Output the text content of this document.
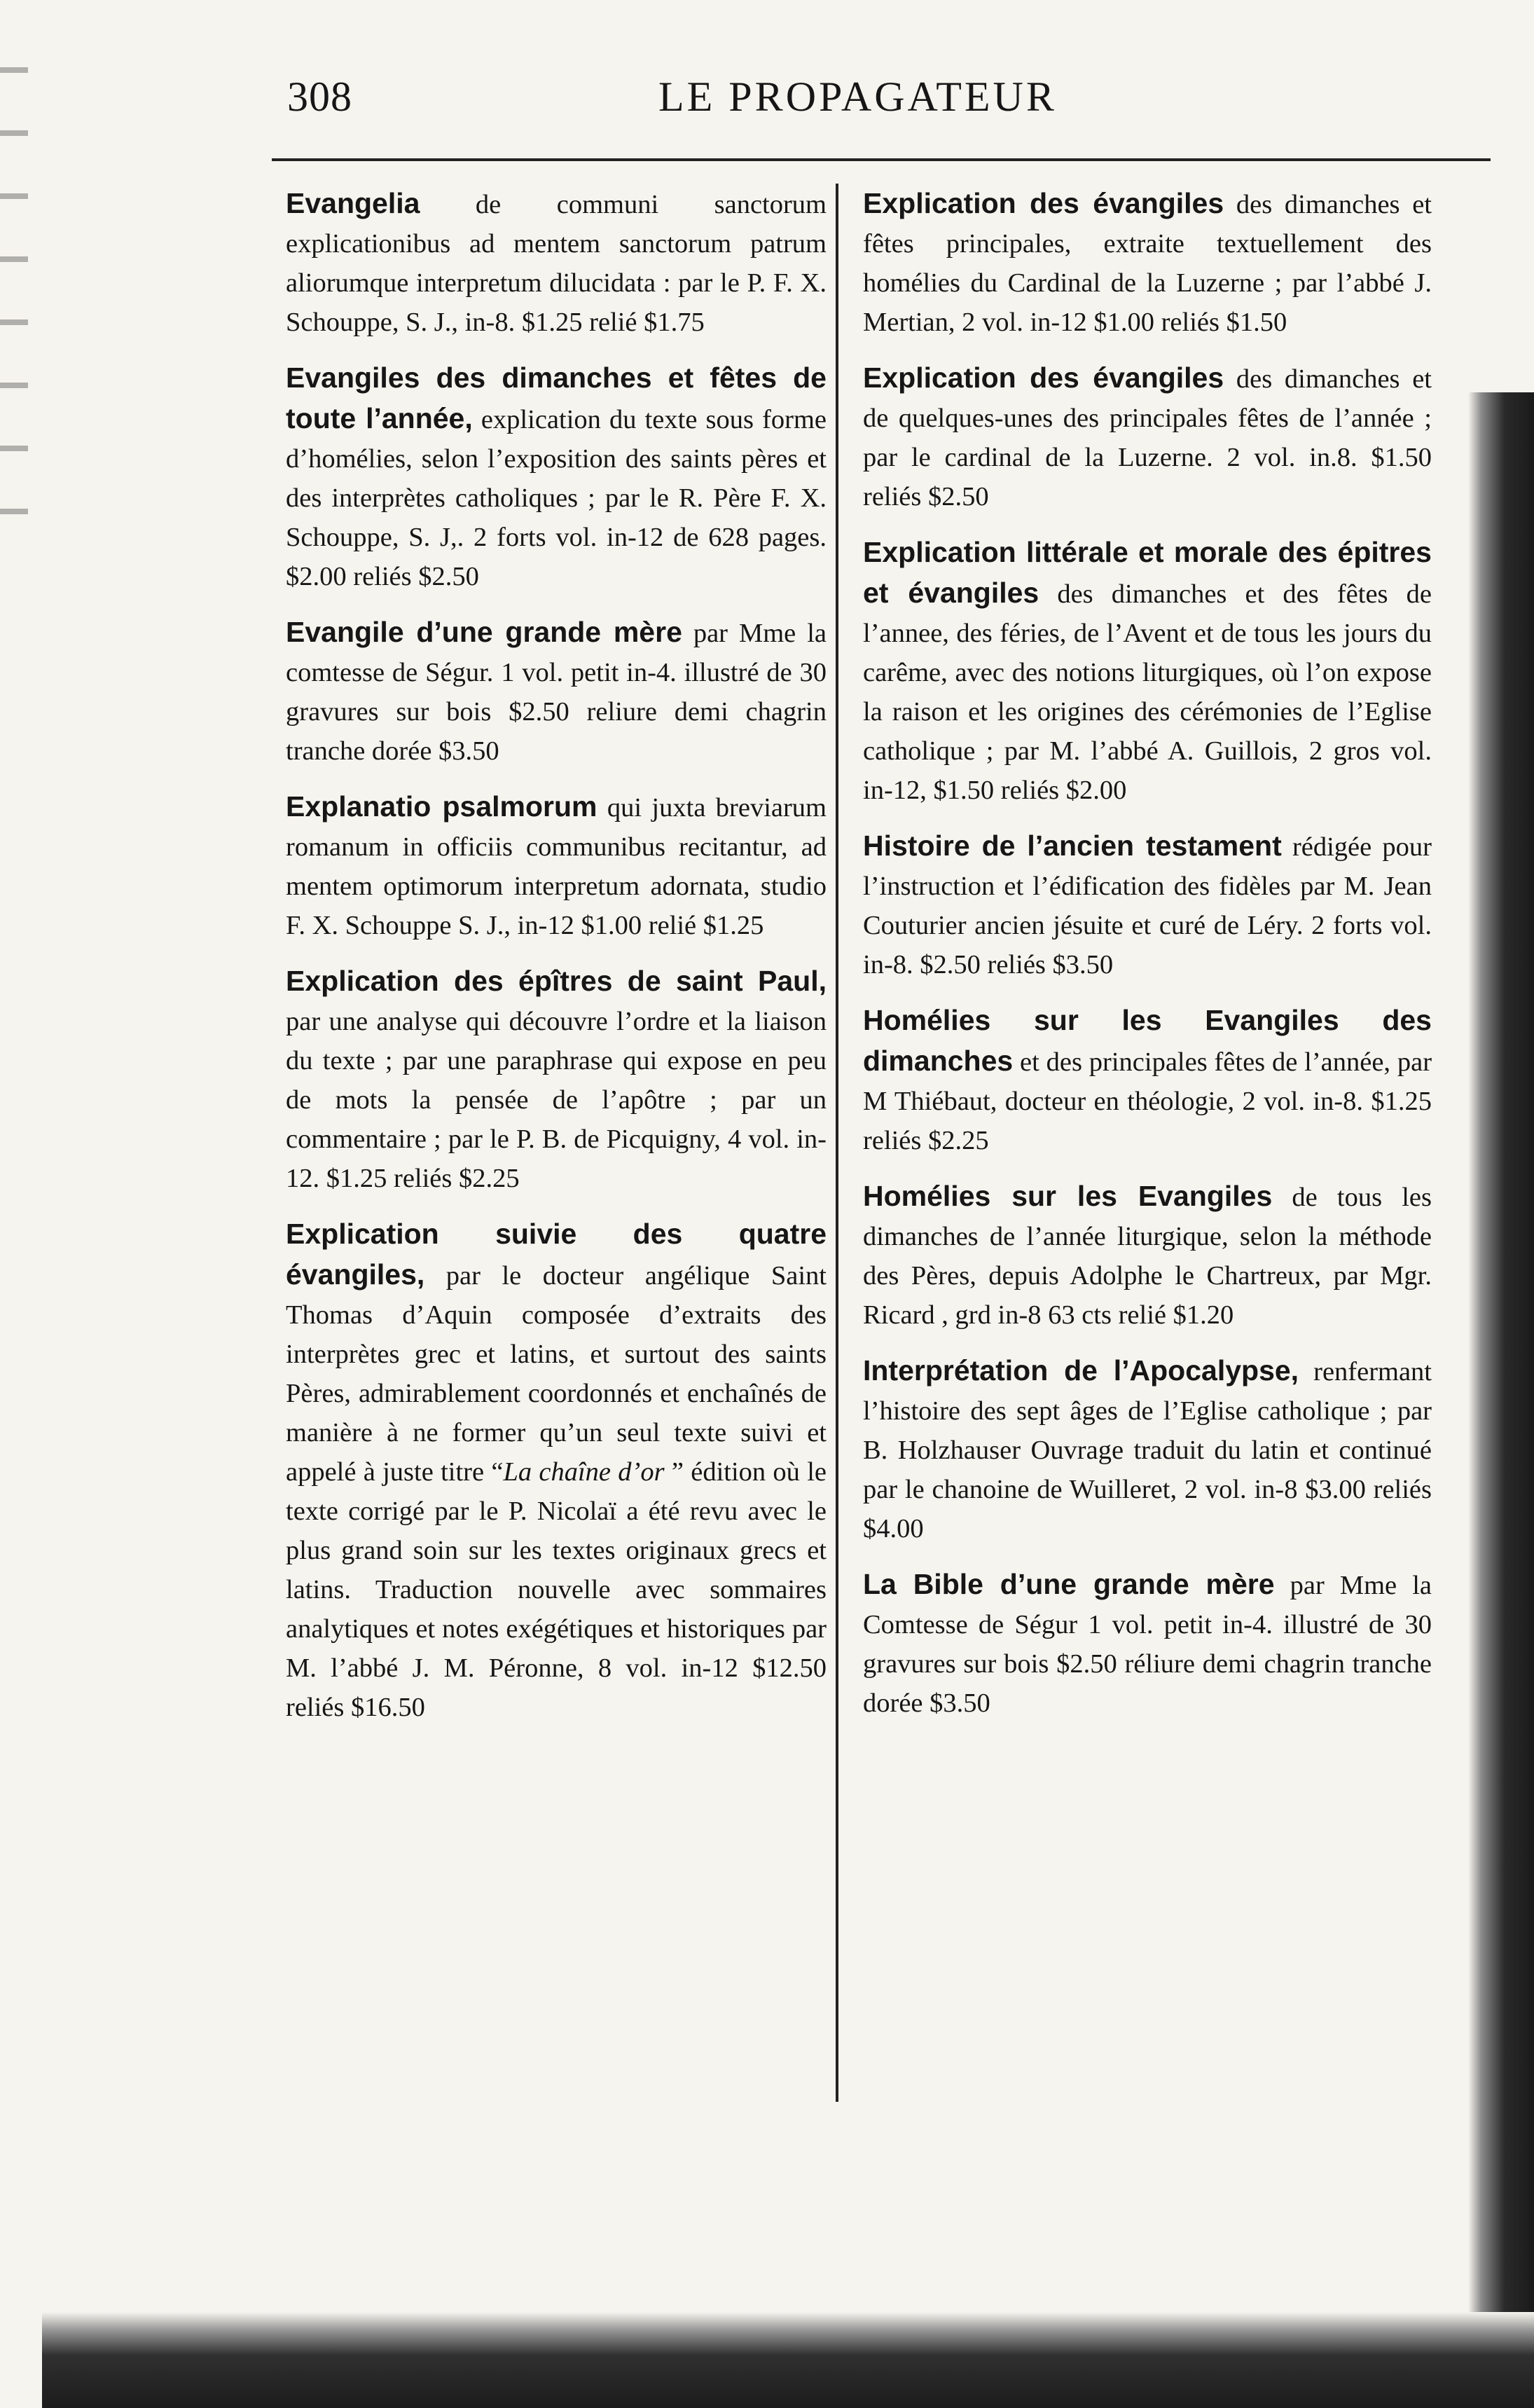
308	LE PROPAGATEUR

Evangelia de communi sanctorum explicationibus ad mentem sanctorum patrum aliorumque interpretum dilucidata : par le P. F. X. Schouppe, S. J., in-8. $1.25 relié $1.75

Evangiles des dimanches et fêtes de toute l’année, explication du texte sous forme d’homélies, selon l’exposition des saints pères et des interprètes catholiques ; par le R. Père F. X. Schouppe, S. J,. 2 forts vol. in-12 de 628 pages. $2.00 reliés $2.50

Evangile d’une grande mère par Mme la comtesse de Ségur. 1 vol. petit in-4. illustré de 30 gravures sur bois $2.50 reliure demi chagrin tranche dorée $3.50

Explanatio psalmorum qui juxta breviarum romanum in officiis communibus recitantur, ad mentem optimorum interpretum adornata, studio F. X. Schouppe S. J., in-12 $1.00 relié $1.25

Explication des épîtres de saint Paul, par une analyse qui découvre l’ordre et la liaison du texte ; par une paraphrase qui expose en peu de mots la pensée de l’apôtre ; par un commentaire ; par le P. B. de Picquigny, 4 vol. in-12. $1.25 reliés $2.25

Explication suivie des quatre évangiles, par le docteur angélique Saint Thomas d’Aquin composée d’extraits des interprètes grec et latins, et surtout des saints Pères, admirablement coordonnés et enchaînés de manière à ne former qu’un seul texte suivi et appelé à juste titre “La chaîne d’or ” édition où le texte corrigé par le P. Nicolaï a été revu avec le plus grand soin sur les textes originaux grecs et latins. Traduction nouvelle avec sommaires analytiques et notes exégétiques et historiques par M. l’abbé J. M. Péronne, 8 vol. in-12 $12.50 reliés $16.50

Explication des évangiles des dimanches et fêtes principales, extraite textuellement des homélies du Cardinal de la Luzerne ; par l’abbé J. Mertian, 2 vol. in-12 $1.00 reliés $1.50

Explication des évangiles des dimanches et de quelques-unes des principales fêtes de l’année ; par le cardinal de la Luzerne. 2 vol. in.8. $1.50 reliés $2.50

Explication littérale et morale des épitres et évangiles des dimanches et des fêtes de l’annee, des féries, de l’Avent et de tous les jours du carême, avec des notions liturgiques, où l’on expose la raison et les origines des cérémonies de l’Eglise catholique ; par M. l’abbé A. Guillois, 2 gros vol. in-12, $1.50 reliés $2.00

Histoire de l’ancien testament rédigée pour l’instruction et l’édification des fidèles par M. Jean Couturier ancien jésuite et curé de Léry. 2 forts vol. in-8. $2.50 reliés $3.50

Homélies sur les Evangiles des dimanches et des principales fêtes de l’année, par M Thiébaut, docteur en théologie, 2 vol. in-8. $1.25 reliés $2.25

Homélies sur les Evangiles de tous les dimanches de l’année liturgique, selon la méthode des Pères, depuis Adolphe le Chartreux, par Mgr. Ricard , grd in-8 63 cts relié $1.20

Interprétation de l’Apocalypse, renfermant l’histoire des sept âges de l’Eglise catholique ; par B. Holzhauser Ouvrage traduit du latin et continué par le chanoine de Wuilleret, 2 vol. in-8 $3.00 reliés $4.00

La Bible d’une grande mère par Mme la Comtesse de Ségur 1 vol. petit in-4. illustré de 30 gravures sur bois $2.50 réliure demi chagrin tranche dorée $3.50
